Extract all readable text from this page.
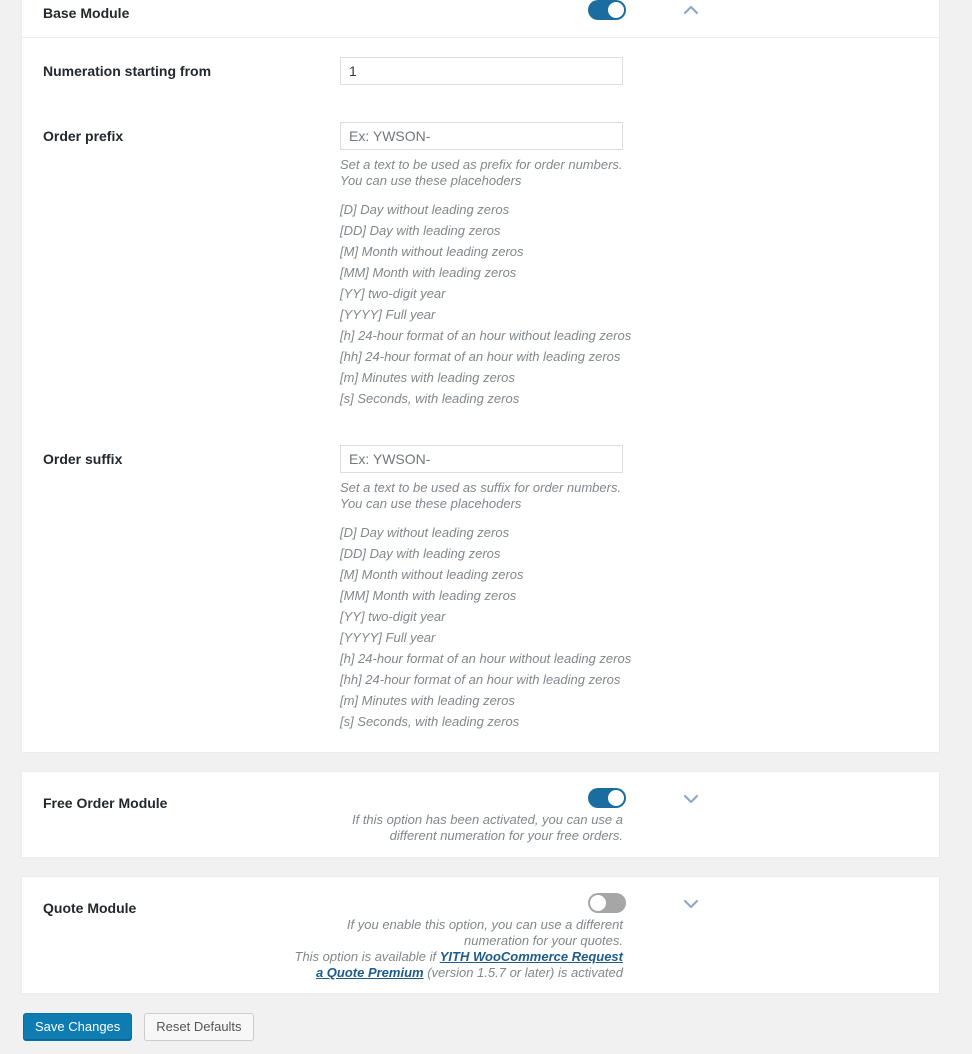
Base Module
Numeration starting from
1
Order prefix
Ex: YWSON-
Set a text to be used as prefix for order numbers.
You can use these placehoders
[D] Day without leading zeros
[DD] Day with leading zeros
[M] Month without leading zeros
[MM] Month with leading zeros
[YY] two-digit year
[YYYY] Full year
[h] 24-hour format of an hour without leading zeros
[hh] 24-hour format of an hour with leading zeros
[m] Minutes with leading zeros
[s] Seconds, with leading zeros
Order suffix
Ex: YWSON-
Set a text to be used as suffix for order numbers.
You can use these placehoders
[D] Day without leading zeros
[DD] Day with leading zeros
[M] Month without leading zeros
[MM] Month with leading zeros
[YY] two-digit year
[YYYY] Full year
[h] 24-hour format of an hour without leading zeros
[hh] 24-hour format of an hour with leading zeros
[m] Minutes with leading zeros
[s] Seconds, with leading zeros
Free Order Module
If this option has been activated, you can use a
different numeration for your free orders.
Quote Module
If you enable this option, you can use a different
numeration for your quotes.
This option is available if YITH WooCommerce Request
a Quote Premium (version 1.5.7 or later) is activated
Save Changes	Reset Defaults
